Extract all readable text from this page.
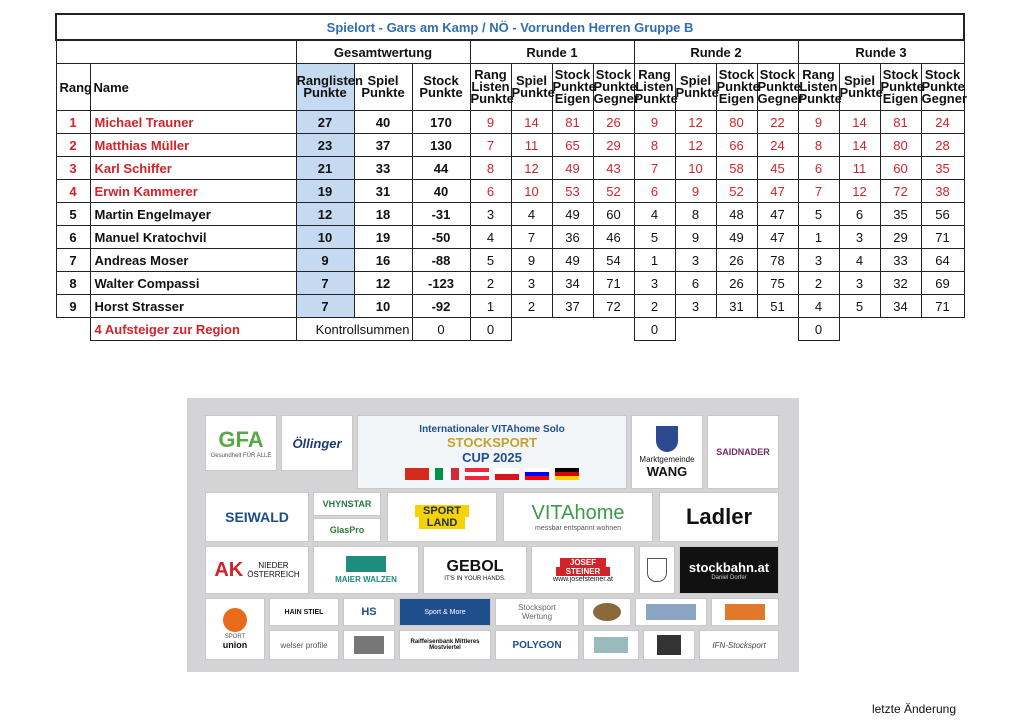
Spielort - Gars am Kamp / NÖ - Vorrunden Herren Gruppe B																
		Gesamtwertung			Runde 1				Runde 2				Runde 3			
Rang	Name	Ranglisten Punkte	Spiel Punkte	Stock Punkte	Rang Listen Punkte	Spiel Punkte	Stock Punkte Eigen	Stock Punkte Gegner	Rang Listen Punkte	Spiel Punkte	Stock Punkte Eigen	Stock Punkte Gegner	Rang Listen Punkte	Spiel Punkte	Stock Punkte Eigen	Stock Punkte Gegner
1	Michael Trauner	27	40	170	9	14	81	26	9	12	80	22	9	14	81	24
2	Matthias Müller	23	37	130	7	11	65	29	8	12	66	24	8	14	80	28
3	Karl Schiffer	21	33	44	8	12	49	43	7	10	58	45	6	11	60	35
4	Erwin Kammerer	19	31	40	6	10	53	52	6	9	52	47	7	12	72	38
5	Martin Engelmayer	12	18	-31	3	4	49	60	4	8	48	47	5	6	35	56
6	Manuel Kratochvil	10	19	-50	4	7	36	46	5	9	49	47	1	3	29	71
7	Andreas Moser	9	16	-88	5	9	49	54	1	3	26	78	3	4	33	64
8	Walter Compassi	7	12	-123	2	3	34	71	3	6	26	75	2	3	32	69
9	Horst Strasser	7	10	-92	1	2	37	72	2	3	31	51	4	5	34	71
	4 Aufsteiger zur Region	Kontrollsummen		0	0				0				0			
GFA
Gesundheit FÜR ALLE
Öllinger
Internationaler VITAhome Solo
STOCKSPORT
CUP 2025	Marktgemeinde
WANG
SAIDNADER
SEIWALD
VHYNSTAR
GlasPro
SPORT
LAND	VITAhome
messbar entspannt wohnen	Ladler
AK	NIEDER
ÖSTERREICH
MAIER WALZEN
GEBOL
IT'S IN YOUR HANDS.
JOSEF
STEINER
www.josefsteiner.at
stockbahn.at
Daniel Dorfer
SPORT
union
HAIN STIEL
welser profile
HS	Sport & More
Raiffeisenbank Mittleres Mostviertel
Stocksport
Wertung
POLYGON	IFN-Stocksport
letzte Änderung
